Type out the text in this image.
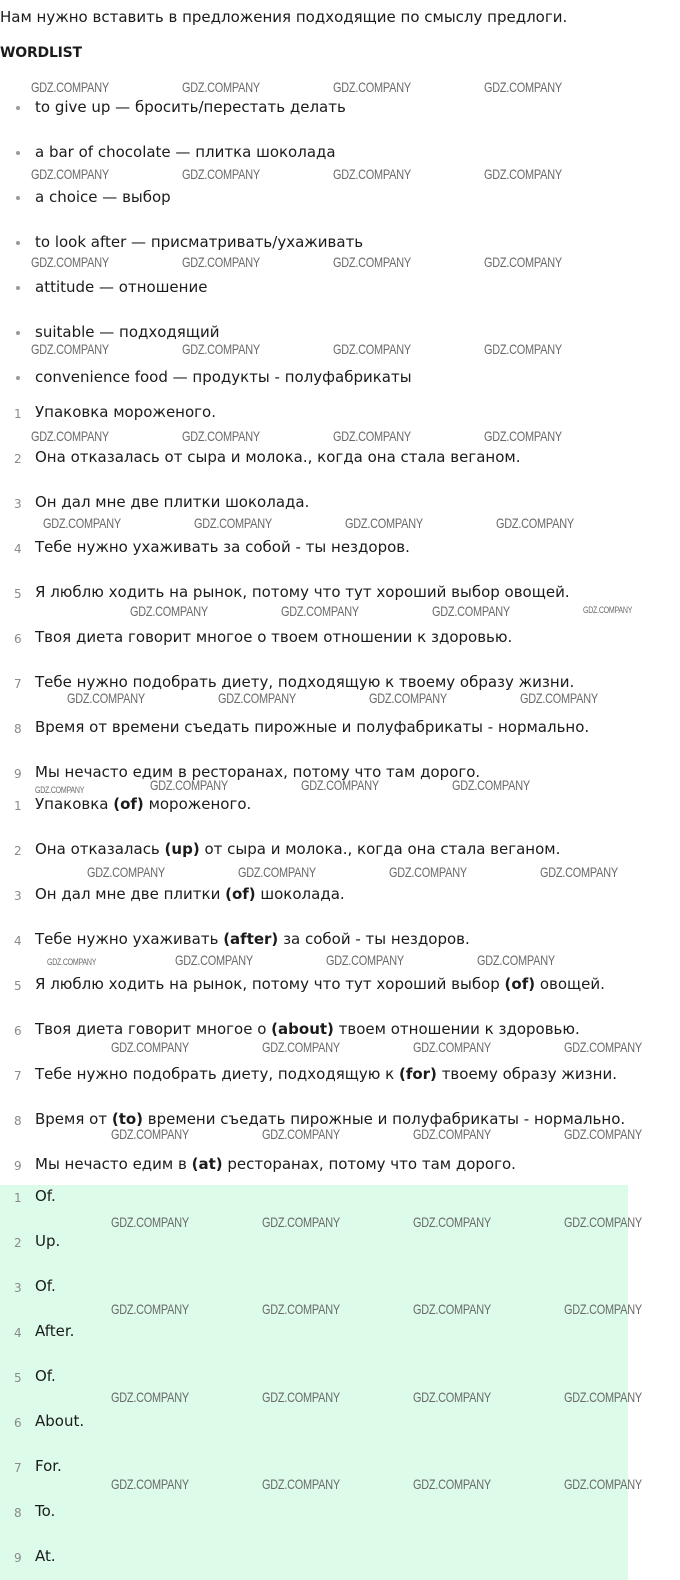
Нам нужно вставить в предложения подходящие по смыслу предлоги.
WORDLIST
to give up — бросить/перестать делать
a bar of chocolate — плитка шоколада
a choice — выбор
to look after — присматривать/ухаживать
attitude — отношение
suitable — подходящий
convenience food — продукты - полуфабрикаты
1 Упаковка мороженого.
2 Она отказалась от сыра и молока., когда она стала веганом.
3 Он дал мне две плитки шоколада.
4 Тебе нужно ухаживать за собой - ты нездоров.
5 Я люблю ходить на рынок, потому что тут хороший выбор овощей.
6 Твоя диета говорит многое о твоем отношении к здоровью.
7 Тебе нужно подобрать диету, подходящую к твоему образу жизни.
8 Время от времени съедать пирожные и полуфабрикаты - нормально.
9 Мы нечасто едим в ресторанах, потому что там дорого.
1 Упаковка (of) мороженого.
2 Она отказалась (up) от сыра и молока., когда она стала веганом.
3 Он дал мне две плитки (of) шоколада.
4 Тебе нужно ухаживать (after) за собой - ты нездоров.
5 Я люблю ходить на рынок, потому что тут хороший выбор (of) овощей.
6 Твоя диета говорит многое о (about) твоем отношении к здоровью.
7 Тебе нужно подобрать диету, подходящую к (for) твоему образу жизни.
8 Время от (to) времени съедать пирожные и полуфабрикаты - нормально.
9 Мы нечасто едим в (at) ресторанах, потому что там дорого.
1 Of.
2 Up.
3 Of.
4 After.
5 Of.
6 About.
7 For.
8 To.
9 At.
GDZ.COMPANY	GDZ.COMPANY	GDZ.COMPANY	GDZ.COMPANY
GDZ.COMPANY	GDZ.COMPANY	GDZ.COMPANY	GDZ.COMPANY
GDZ.COMPANY	GDZ.COMPANY	GDZ.COMPANY	GDZ.COMPANY
GDZ.COMPANY	GDZ.COMPANY	GDZ.COMPANY	GDZ.COMPANY
GDZ.COMPANY	GDZ.COMPANY	GDZ.COMPANY	GDZ.COMPANY
GDZ.COMPANY	GDZ.COMPANY	GDZ.COMPANY	GDZ.COMPANY
GDZ.COMPANY	GDZ.COMPANY	GDZ.COMPANY
GDZ.COMPANY	GDZ.COMPANY	GDZ.COMPANY	GDZ.COMPANY
GDZ.COMPANY	GDZ.COMPANY	GDZ.COMPANY
GDZ.COMPANY	GDZ.COMPANY	GDZ.COMPANY	GDZ.COMPANY
GDZ.COMPANY	GDZ.COMPANY	GDZ.COMPANY
GDZ.COMPANY	GDZ.COMPANY	GDZ.COMPANY	GDZ.COMPANY
GDZ.COMPANY	GDZ.COMPANY	GDZ.COMPANY	GDZ.COMPANY
GDZ.COMPANY	GDZ.COMPANY	GDZ.COMPANY	GDZ.COMPANY
GDZ.COMPANY	GDZ.COMPANY	GDZ.COMPANY	GDZ.COMPANY
GDZ.COMPANY	GDZ.COMPANY	GDZ.COMPANY	GDZ.COMPANY
GDZ.COMPANY	GDZ.COMPANY	GDZ.COMPANY	GDZ.COMPANY
GDZ.COMPANY
GDZ.COMPANY
GDZ.COMPANY
